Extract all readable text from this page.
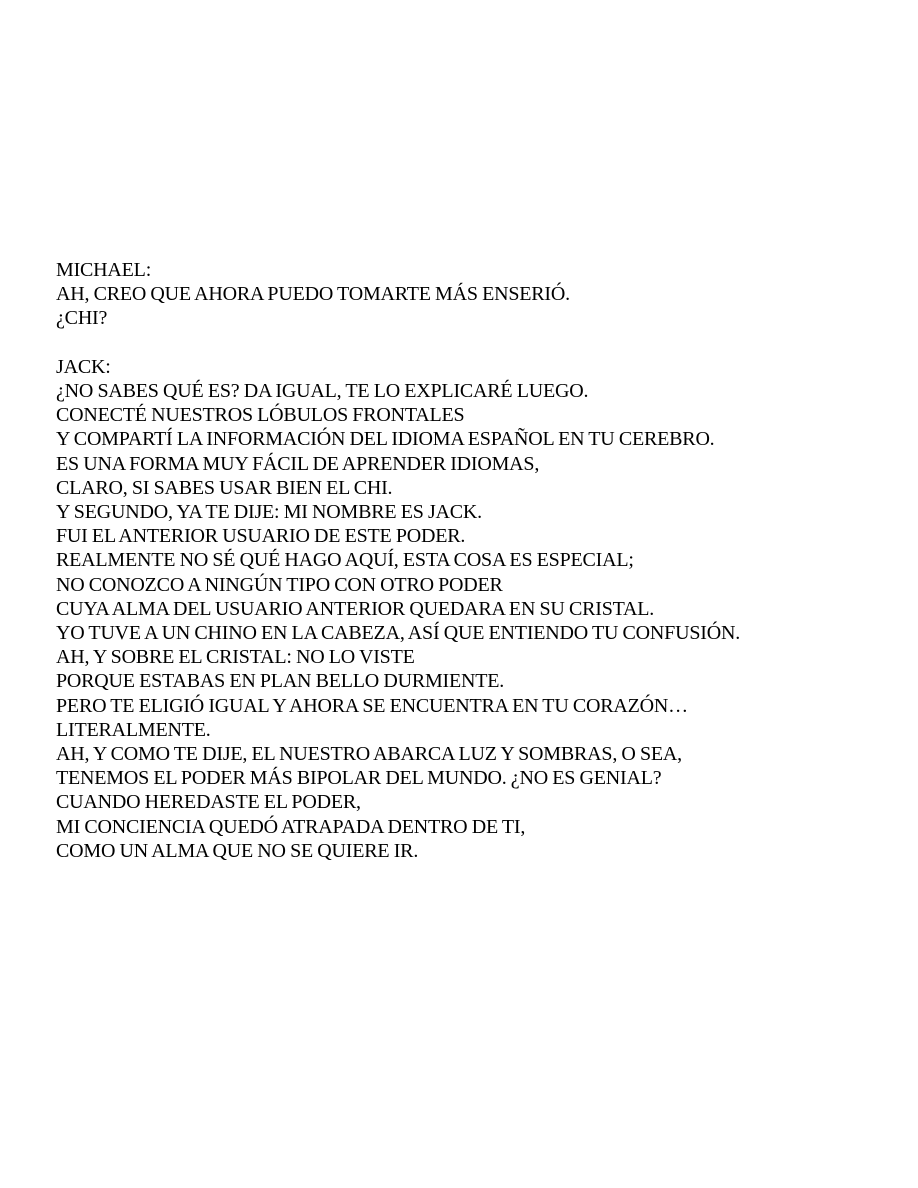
MICHAEL:
AH, CREO QUE AHORA PUEDO TOMARTE MÁS ENSERIÓ.
¿CHI?
JACK:
¿NO SABES QUÉ ES? DA IGUAL, TE LO EXPLICARÉ LUEGO.
CONECTÉ NUESTROS LÓBULOS FRONTALES
Y COMPARTÍ LA INFORMACIÓN DEL IDIOMA ESPAÑOL EN TU CEREBRO.
ES UNA FORMA MUY FÁCIL DE APRENDER IDIOMAS,
CLARO, SI SABES USAR BIEN EL CHI.
Y SEGUNDO, YA TE DIJE: MI NOMBRE ES JACK.
FUI EL ANTERIOR USUARIO DE ESTE PODER.
REALMENTE NO SÉ QUÉ HAGO AQUÍ, ESTA COSA ES ESPECIAL;
NO CONOZCO A NINGÚN TIPO CON OTRO PODER
CUYA ALMA DEL USUARIO ANTERIOR QUEDARA EN SU CRISTAL.
YO TUVE A UN CHINO EN LA CABEZA, ASÍ QUE ENTIENDO TU CONFUSIÓN.
AH, Y SOBRE EL CRISTAL: NO LO VISTE
PORQUE ESTABAS EN PLAN BELLO DURMIENTE.
PERO TE ELIGIÓ IGUAL Y AHORA SE ENCUENTRA EN TU CORAZÓN…
LITERALMENTE.
AH, Y COMO TE DIJE, EL NUESTRO ABARCA LUZ Y SOMBRAS, O SEA,
TENEMOS EL PODER MÁS BIPOLAR DEL MUNDO. ¿NO ES GENIAL?
CUANDO HEREDASTE EL PODER,
MI CONCIENCIA QUEDÓ ATRAPADA DENTRO DE TI,
COMO UN ALMA QUE NO SE QUIERE IR.
